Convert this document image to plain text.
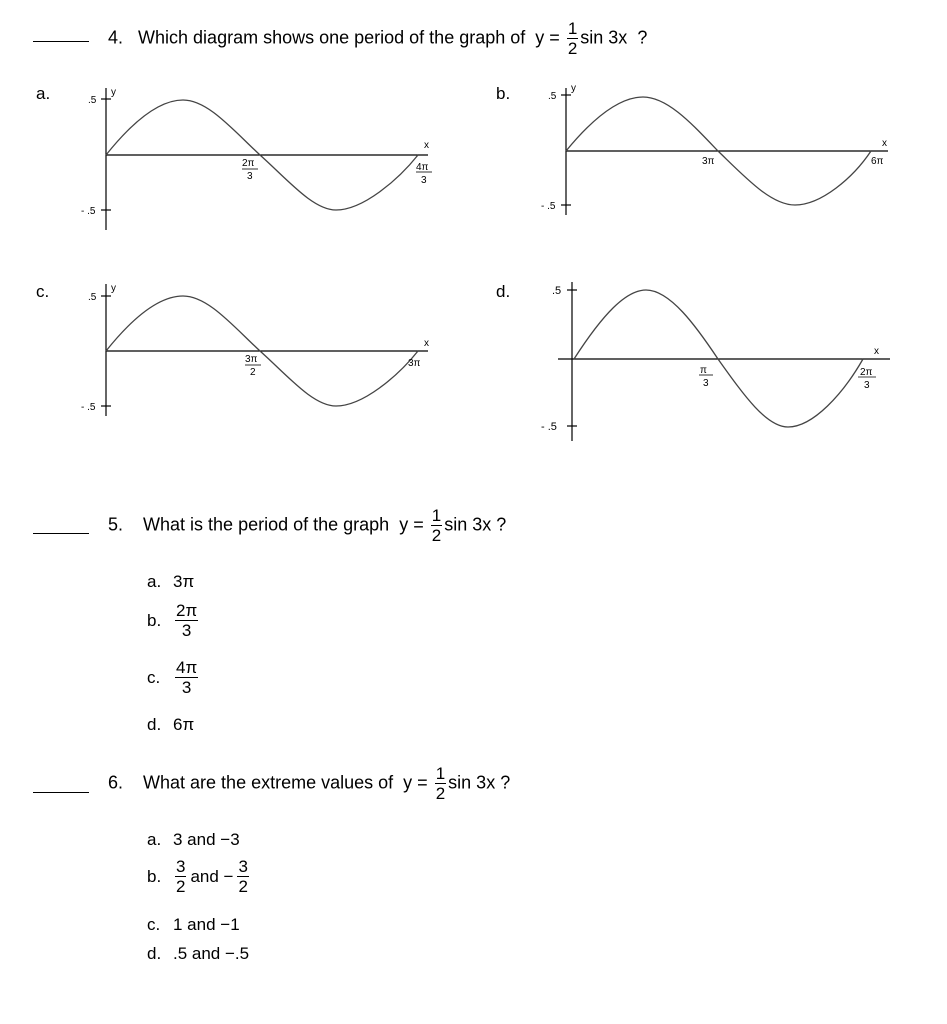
4. Which diagram shows one period of the graph of $y = \frac{1}{2}$ sin 3x ?
a.	b.
c.	d.
.5
y
- .5
x
2π
3
4π
3
.5
y
- .5
x
3π	6π
.5
y
- .5
x
3π
2
3π
.5
- .5
x
π
3
2π
3
5. What is the period of the graph $y = \frac{1}{2}$ sin 3x ?
a. 3π
b. $\frac{2\pi}{3}$
c. $\frac{4\pi}{3}$
d. 6π
6. What are the extreme values of $y = \frac{1}{2}$ sin 3x ?
a. 3 and −3
b. $\frac{3}{2}$ and − $\frac{3}{2}$
c. 1 and −1
d. .5 and −.5
